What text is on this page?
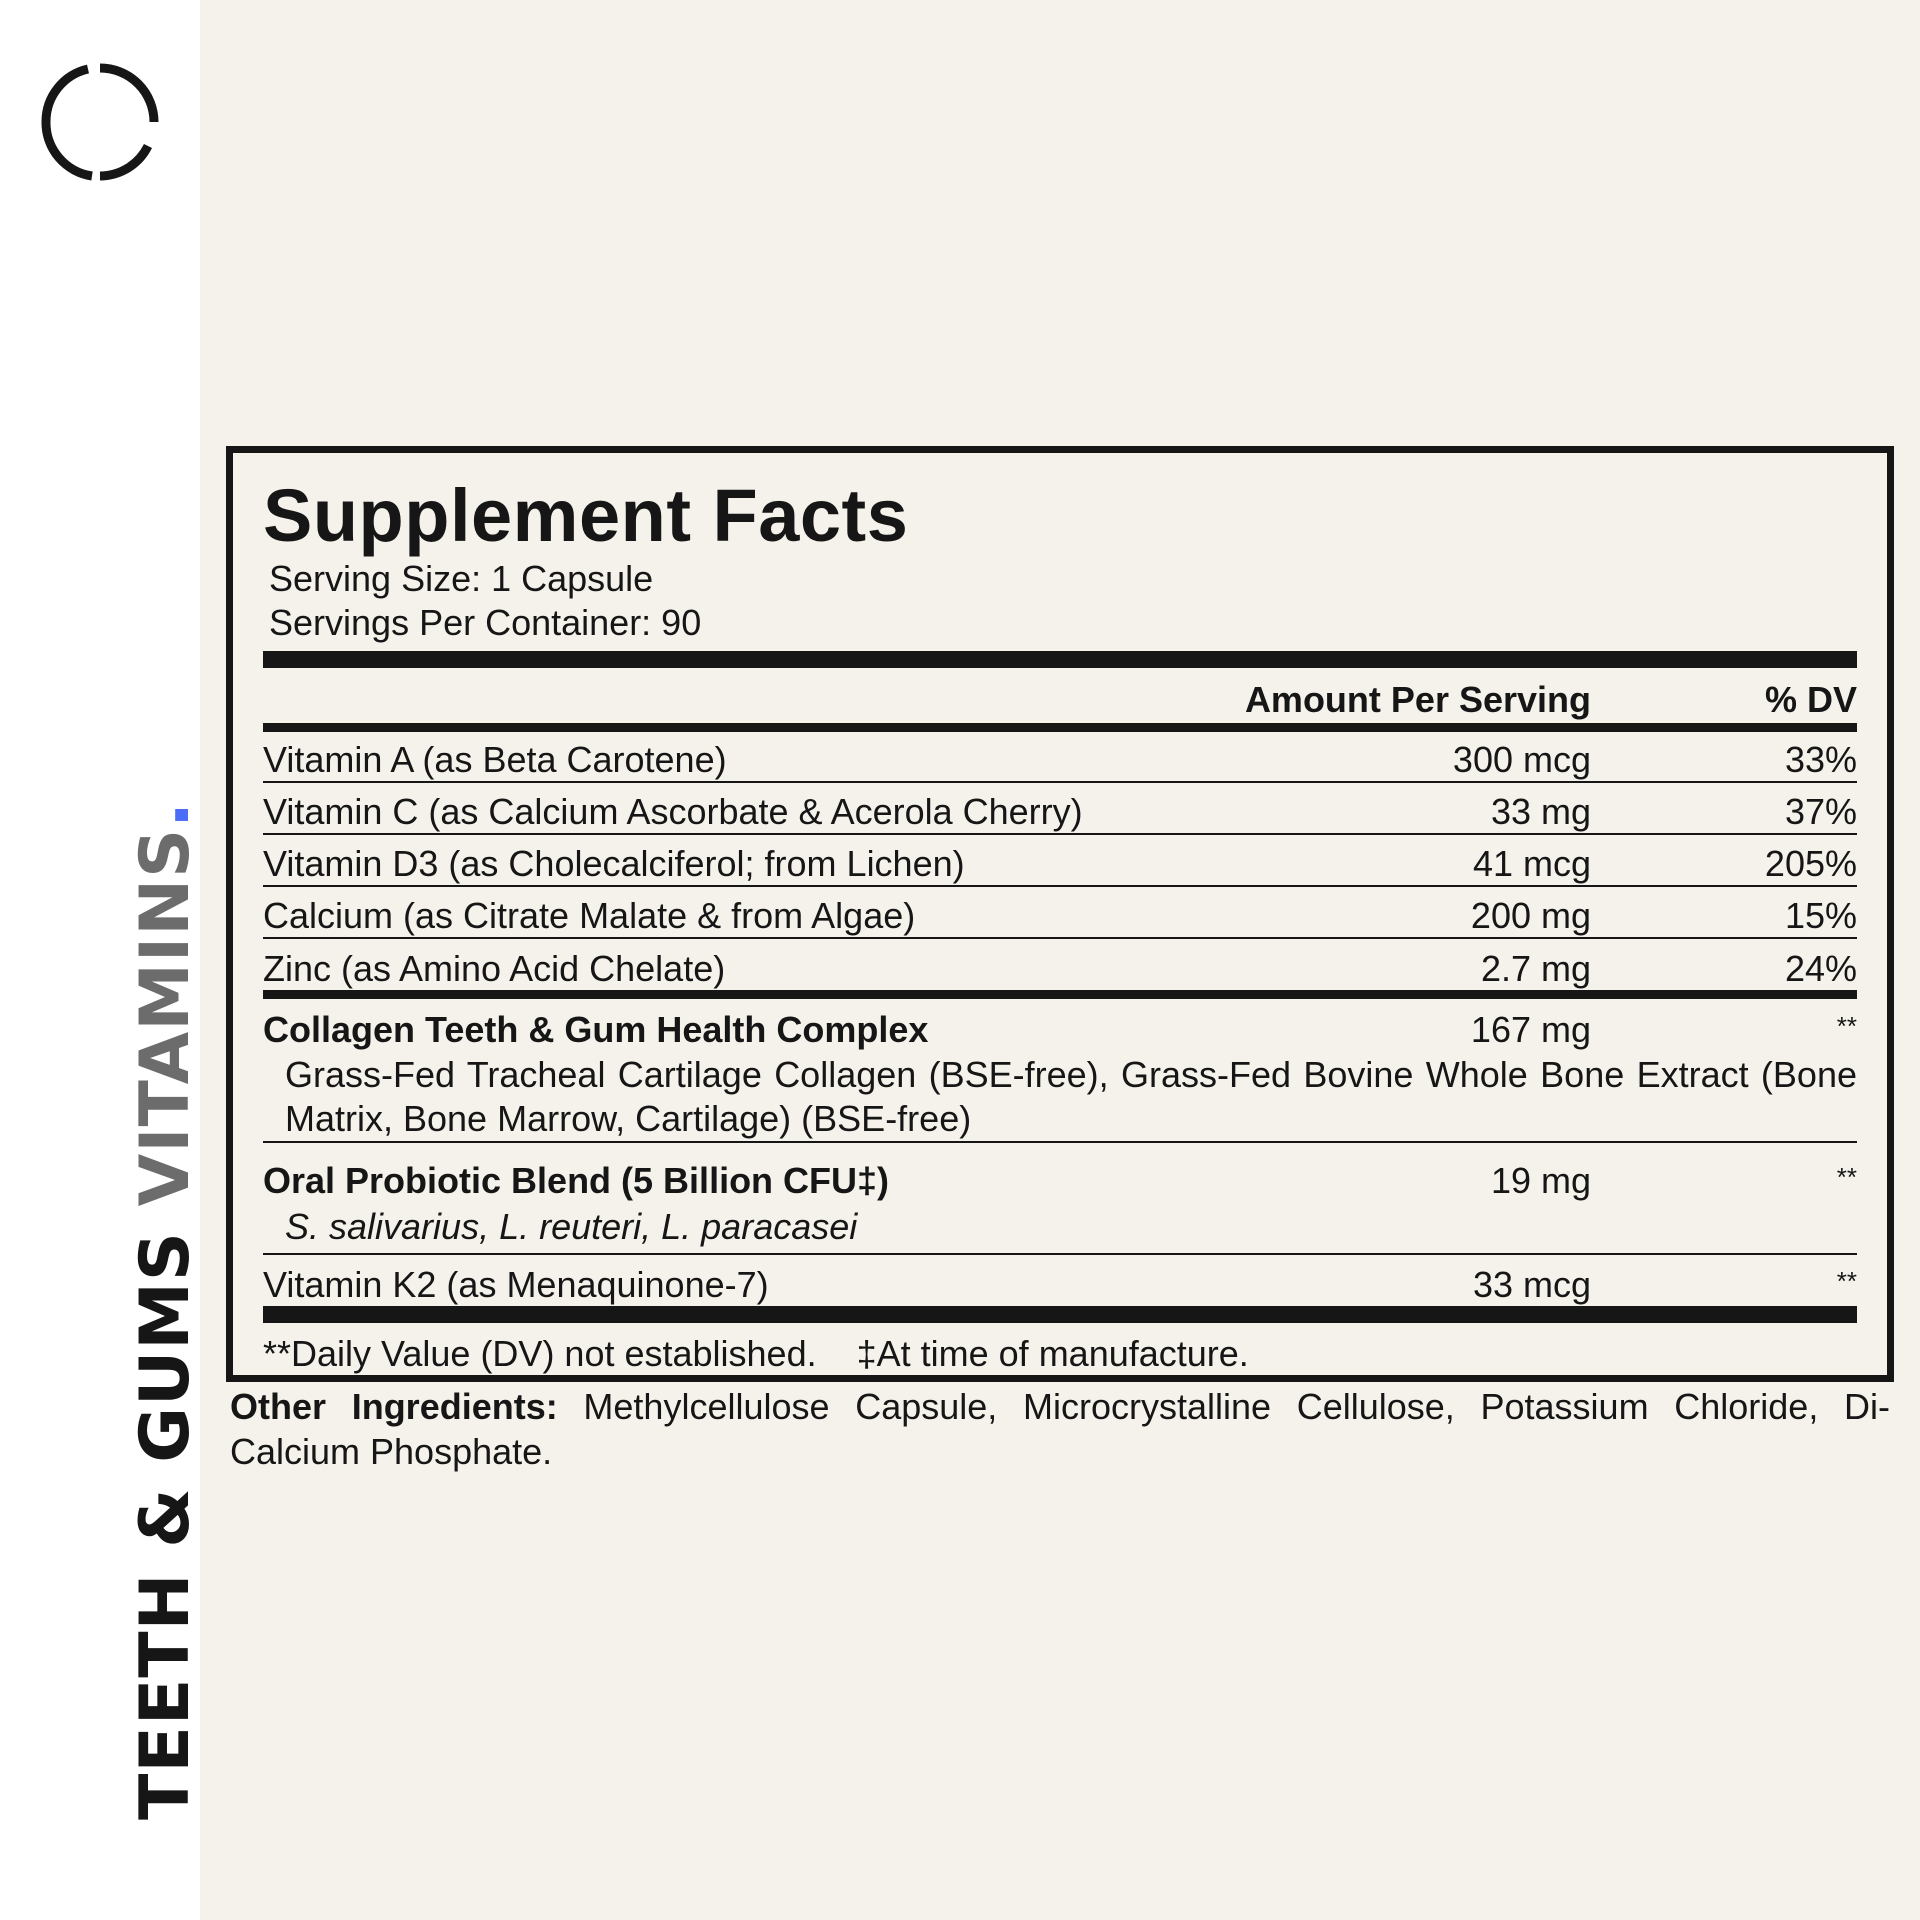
TEETH & GUMS VITAMINS.
Supplement Facts
Serving Size: 1 Capsule
Servings Per Container: 90
Amount Per Serving	% DV
Vitamin A (as Beta Carotene)	300 mcg	33%
Vitamin C (as Calcium Ascorbate & Acerola Cherry)	33 mg	37%
Vitamin D3 (as Cholecalciferol; from Lichen)	41 mcg	205%
Calcium (as Citrate Malate & from Algae)	200 mg	15%
Zinc (as Amino Acid Chelate)	2.7 mg	24%
Collagen Teeth & Gum Health Complex	167 mg	**
Grass-Fed Tracheal Cartilage Collagen (BSE-free), Grass-Fed Bovine Whole Bone Extract (Bone Matrix, Bone Marrow, Cartilage) (BSE-free)
Oral Probiotic Blend (5 Billion CFU‡)	19 mg	**
S. salivarius, L. reuteri, L. paracasei
Vitamin K2 (as Menaquinone-7)	33 mcg	**
**Daily Value (DV) not established.    ‡At time of manufacture.
Other Ingredients: Methylcellulose Capsule, Microcrystalline Cellulose, Potassium Chloride, Di-Calcium Phosphate.
